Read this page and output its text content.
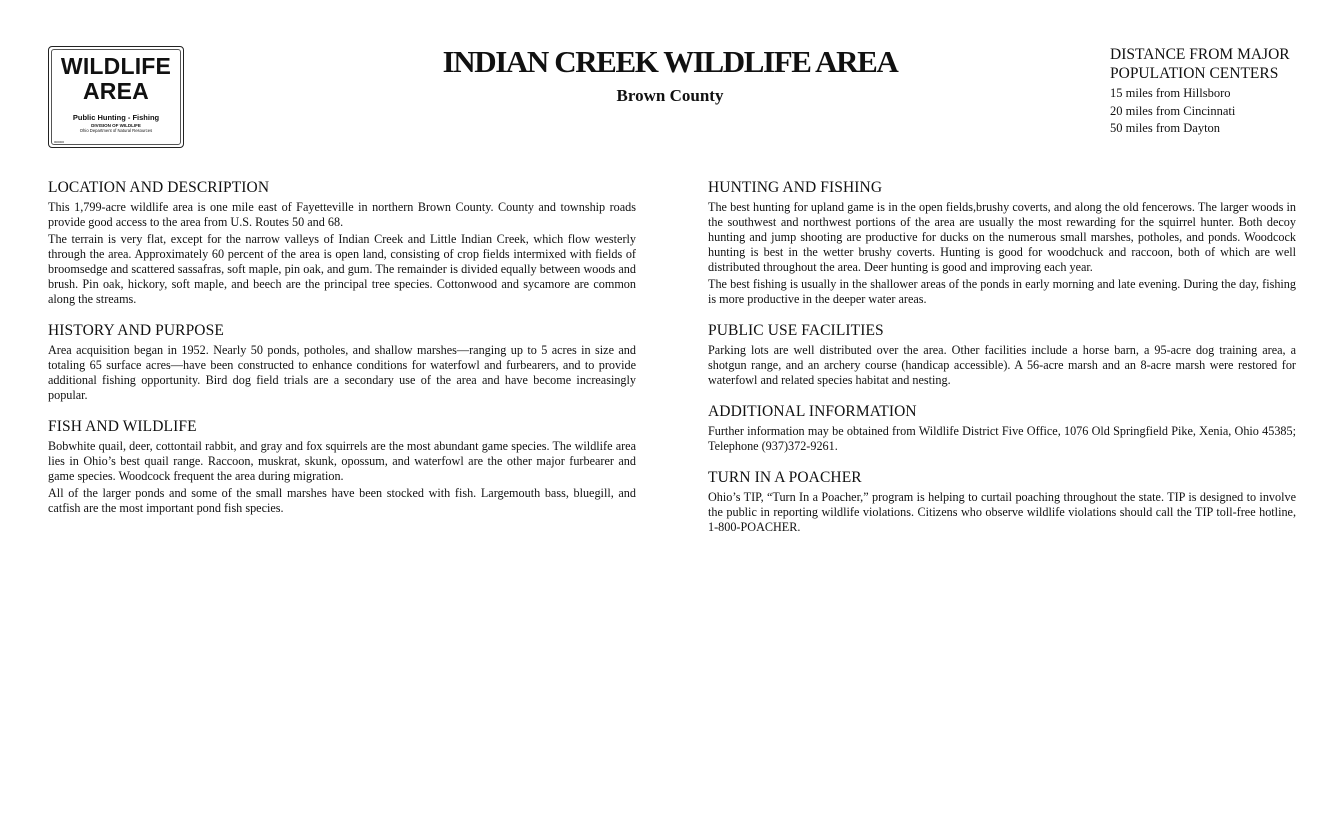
WILDLIFE
AREA
Public Hunting - Fishing
DIVISION OF WILDLIFE
Ohio Department of Natural Resources
000000
INDIAN CREEK WILDLIFE AREA
Brown County
DISTANCE FROM MAJOR
POPULATION CENTERS
15 miles from Hillsboro
20 miles from Cincinnati
50 miles from Dayton
LOCATION AND DESCRIPTION

This 1,799-acre wildlife area is one mile east of Fayetteville in northern Brown County. County and township roads provide good access to the area from U.S. Routes 50 and 68.

The terrain is very flat, except for the narrow valleys of Indian Creek and Little Indian Creek, which flow westerly through the area. Approximately 60 percent of the area is open land, consisting of crop fields intermixed with fields of broomsedge and scattered sassafras, soft maple, pin oak, and gum. The remainder is divided equally between woods and brush. Pin oak, hickory, soft maple, and beech are the principal tree species. Cottonwood and sycamore are common along the streams.

HISTORY AND PURPOSE

Area acquisition began in 1952. Nearly 50 ponds, potholes, and shallow marshes—ranging up to 5 acres in size and totaling 65 surface acres—have been constructed to enhance conditions for waterfowl and furbearers, and to provide additional fishing opportunity. Bird dog field trials are a secondary use of the area and have become increasingly popular.

FISH AND WILDLIFE

Bobwhite quail, deer, cottontail rabbit, and gray and fox squirrels are the most abundant game species. The wildlife area lies in Ohio’s best quail range. Raccoon, muskrat, skunk, opossum, and waterfowl are the other major furbearer and game species. Woodcock frequent the area during migration.

All of the larger ponds and some of the small marshes have been stocked with fish. Largemouth bass, bluegill, and catfish are the most important pond fish species.

HUNTING AND FISHING

The best hunting for upland game is in the open fields,brushy coverts, and along the old fencerows. The larger woods in the southwest and northwest portions of the area are usually the most rewarding for the squirrel hunter. Both decoy hunting and jump shooting are productive for ducks on the numerous small marshes, potholes, and ponds. Woodcock hunting is best in the wetter brushy coverts. Hunting is good for woodchuck and raccoon, both of which are well distributed throughout the area. Deer hunting is good and improving each year.

The best fishing is usually in the shallower areas of the ponds in early morning and late evening. During the day, fishing is more productive in the deeper water areas.

PUBLIC USE FACILITIES

Parking lots are well distributed over the area. Other facilities include a horse barn, a 95-acre dog training area, a shotgun range, and an archery course (handicap accessible). A 56-acre marsh and an 8-acre marsh were restored for waterfowl and related species habitat and nesting.

ADDITIONAL INFORMATION

Further information may be obtained from Wildlife District Five Office, 1076 Old Springfield Pike, Xenia, Ohio 45385; Telephone (937)372-9261.

TURN IN A POACHER

Ohio’s TIP, “Turn In a Poacher,” program is helping to curtail poaching throughout the state. TIP is designed to involve the public in reporting wildlife violations. Citizens who observe wildlife violations should call the TIP toll-free hotline, 1-800-POACHER.
